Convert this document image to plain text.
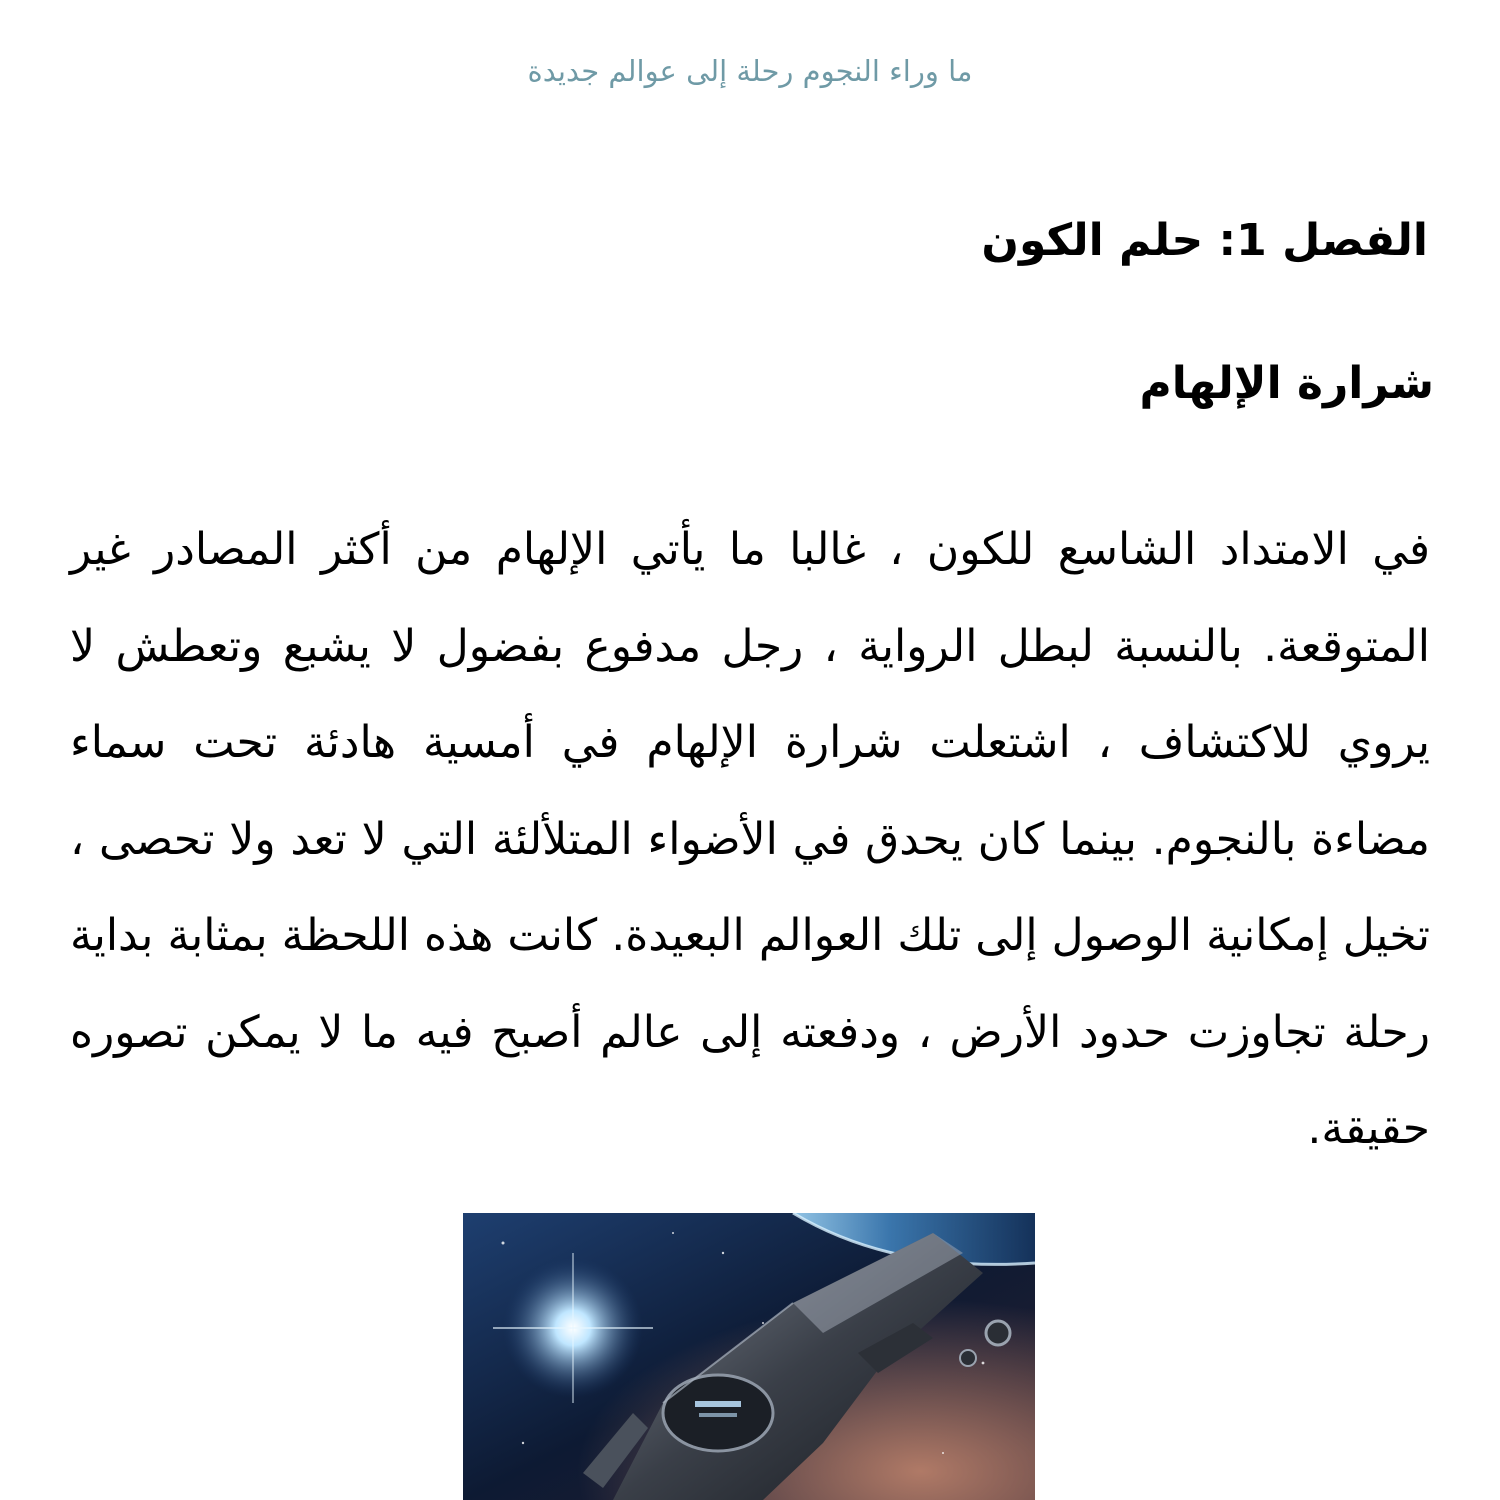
ما وراء النجوم رحلة إلى عوالم جديدة
الفصل 1: حلم الكون
شرارة الإلهام

في الامتداد الشاسع للكون ، غالبا ما يأتي الإلهام من أكثر المصادر غير المتوقعة. بالنسبة لبطل الرواية ، رجل مدفوع بفضول لا يشبع وتعطش لا يروي للاكتشاف ، اشتعلت شرارة الإلهام في أمسية هادئة تحت سماء مضاءة بالنجوم. بينما كان يحدق في الأضواء المتلألئة التي لا تعد ولا تحصى ، تخيل إمكانية الوصول إلى تلك العوالم البعيدة. كانت هذه اللحظة بمثابة بداية رحلة تجاوزت حدود الأرض ، ودفعته إلى عالم أصبح فيه ما لا يمكن تصوره حقيقة.
